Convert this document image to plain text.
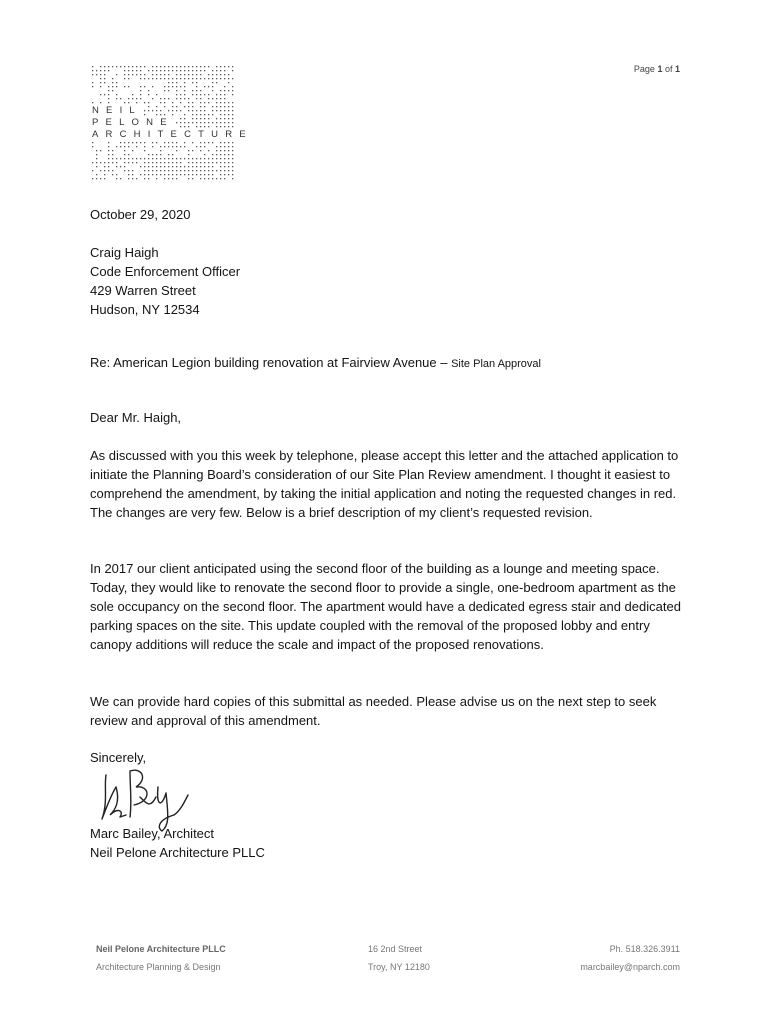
Page 1 of 1
NEIL
PELONE
ARCHITECTURE

October 29, 2020

Craig Haigh

Code Enforcement Officer

429 Warren Street

Hudson, NY 12534

Re: American Legion building renovation at Fairview Avenue – Site Plan Approval

Dear Mr. Haigh,

As discussed with you this week by telephone, please accept this letter and the attached application to initiate the Planning Board’s consideration of our Site Plan Review amendment. I thought it easiest to comprehend the amendment, by taking the initial application and noting the requested changes in red. The changes are very few. Below is a brief description of my client’s requested revision.

In 2017 our client anticipated using the second floor of the building as a lounge and meeting space. Today, they would like to renovate the second floor to provide a single, one-bedroom apartment as the sole occupancy on the second floor. The apartment would have a dedicated egress stair and dedicated parking spaces on the site. This update coupled with the removal of the proposed lobby and entry canopy additions will reduce the scale and impact of the proposed renovations.

We can provide hard copies of this submittal as needed. Please advise us on the next step to seek review and approval of this amendment.

Sincerely,

Marc Bailey, Architect

Neil Pelone Architecture PLLC

Neil Pelone Architecture PLLC
Architecture Planning & Design
16 2nd Street
Troy, NY 12180
Ph. 518.326.3911
marcbailey@nparch.com
